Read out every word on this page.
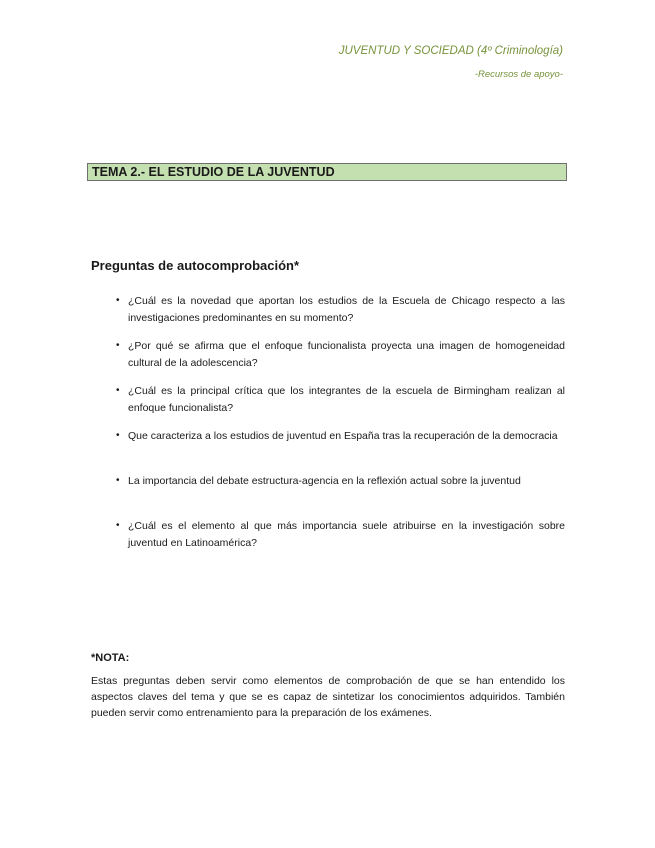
JUVENTUD Y SOCIEDAD (4º Criminología)
-Recursos de apoyo-
TEMA 2.- EL ESTUDIO DE LA JUVENTUD
Preguntas de autocomprobación*
• ¿Cuál es la novedad que aportan los estudios de la Escuela de Chicago respecto a las investigaciones predominantes en su momento?
• ¿Por qué se afirma que el enfoque funcionalista proyecta una imagen de homogeneidad cultural de la adolescencia?
• ¿Cuál es la principal crítica que los integrantes de la escuela de Birmingham realizan al enfoque funcionalista?
• Que caracteriza a los estudios de juventud en España tras la recuperación de la democracia
• La importancia del debate estructura-agencia en la reflexión actual sobre la juventud
• ¿Cuál es el elemento al que más importancia suele atribuirse en la investigación sobre juventud en Latinoamérica?
*NOTA:
Estas preguntas deben servir como elementos de comprobación de que se han entendido los aspectos claves del tema y que se es capaz de sintetizar los conocimientos adquiridos. También pueden servir como entrenamiento para la preparación de los exámenes.
